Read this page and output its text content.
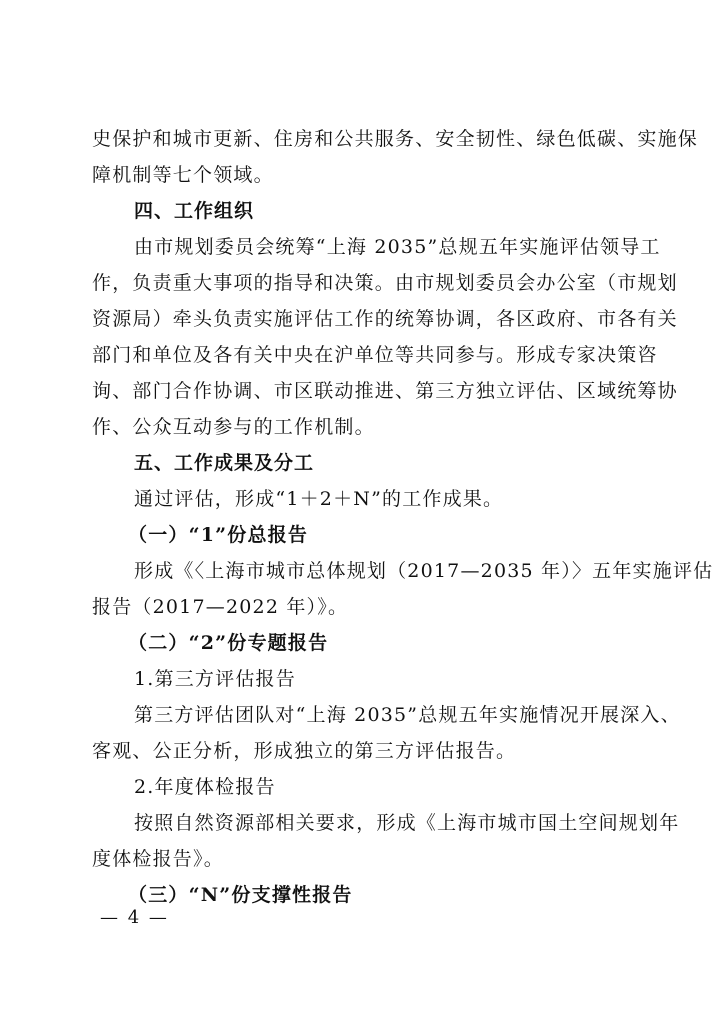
史保护和城市更新、住房和公共服务、安全韧性、绿色低碳、实施保
障机制等七个领域。
四、工作组织
由市规划委员会统筹“上海 2035”总规五年实施评估领导工
作，负责重大事项的指导和决策。由市规划委员会办公室（市规划
资源局）牵头负责实施评估工作的统筹协调，各区政府、市各有关
部门和单位及各有关中央在沪单位等共同参与。形成专家决策咨
询、部门合作协调、市区联动推进、第三方独立评估、区域统筹协
作、公众互动参与的工作机制。
五、工作成果及分工
通过评估，形成“1＋2＋N”的工作成果。
（一）“1”份总报告
形成《〈上海市城市总体规划（2017—2035 年）〉五年实施评估
报告（2017—2022 年）》。
（二）“2”份专题报告
1.第三方评估报告
第三方评估团队对“上海 2035”总规五年实施情况开展深入、
客观、公正分析，形成独立的第三方评估报告。
2.年度体检报告
按照自然资源部相关要求，形成《上海市城市国土空间规划年
度体检报告》。
（三）“N”份支撑性报告
— 4 —
